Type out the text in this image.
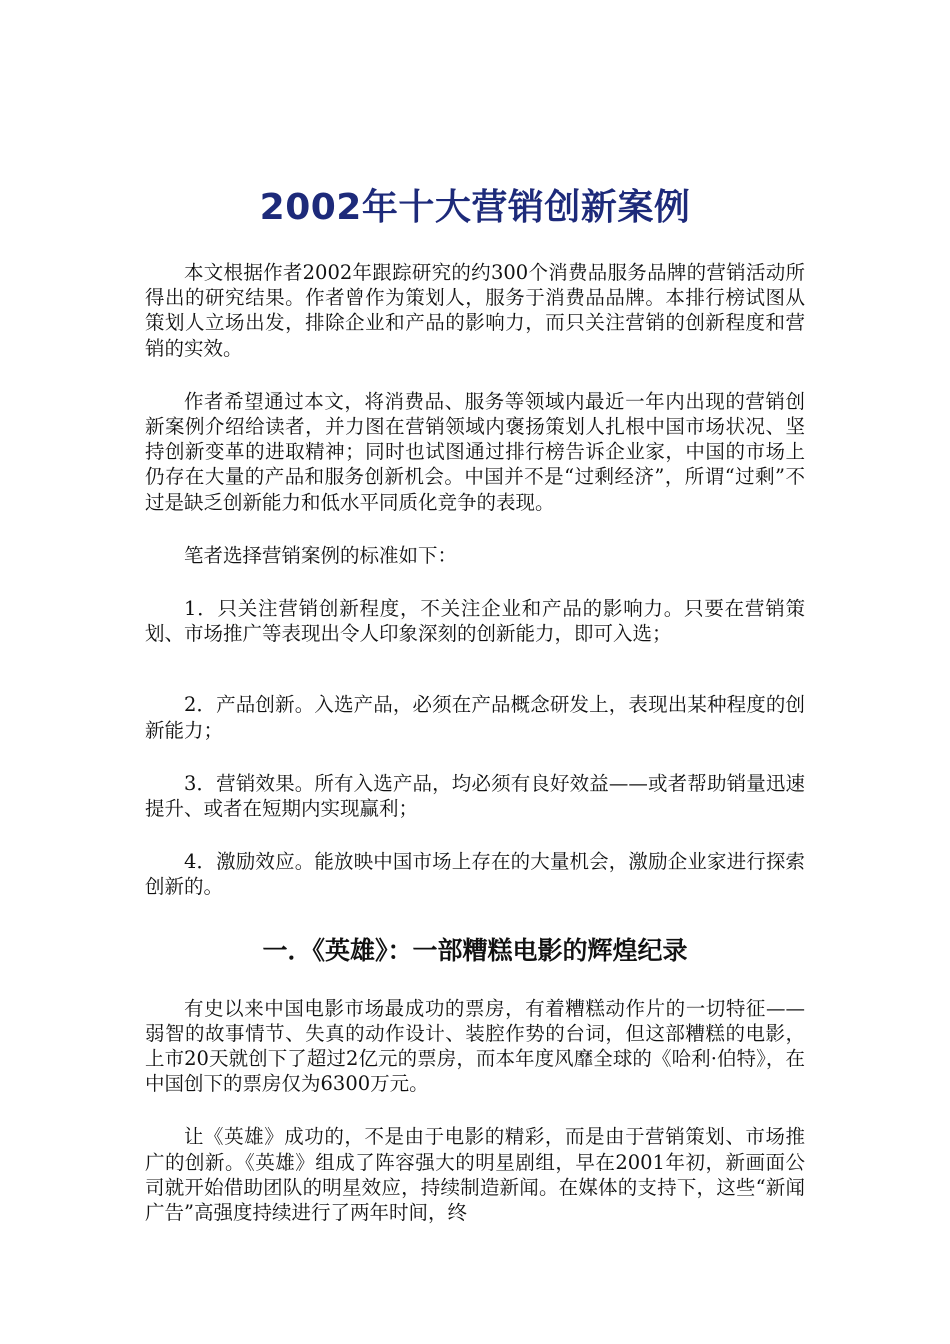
2002年十大营销创新案例

本文根据作者2002年跟踪研究的约300个消费品服务品牌的营销活动所得出的研究结果。作者曾作为策划人，服务于消费品品牌。本排行榜试图从策划人立场出发，排除企业和产品的影响力，而只关注营销的创新程度和营销的实效。

作者希望通过本文，将消费品、服务等领域内最近一年内出现的营销创新案例介绍给读者，并力图在营销领域内褒扬策划人扎根中国市场状况、坚持创新变革的进取精神；同时也试图通过排行榜告诉企业家，中国的市场上仍存在大量的产品和服务创新机会。中国并不是“过剩经济”，所谓“过剩”不过是缺乏创新能力和低水平同质化竞争的表现。

笔者选择营销案例的标准如下：

1．只关注营销创新程度，不关注企业和产品的影响力。只要在营销策划、市场推广等表现出令人印象深刻的创新能力，即可入选；

2．产品创新。入选产品，必须在产品概念研发上，表现出某种程度的创新能力；

3．营销效果。所有入选产品，均必须有良好效益——或者帮助销量迅速提升、或者在短期内实现赢利；

4．激励效应。能放映中国市场上存在的大量机会，激励企业家进行探索创新的。

一．《英雄》：一部糟糕电影的辉煌纪录

有史以来中国电影市场最成功的票房，有着糟糕动作片的一切特征——弱智的故事情节、失真的动作设计、装腔作势的台词，但这部糟糕的电影，上市20天就创下了超过2亿元的票房，而本年度风靡全球的《哈利·伯特》，在中国创下的票房仅为6300万元。

让《英雄》成功的，不是由于电影的精彩，而是由于营销策划、市场推广的创新。《英雄》组成了阵容强大的明星剧组，早在2001年初，新画面公司就开始借助团队的明星效应，持续制造新闻。在媒体的支持下，这些“新闻广告”高强度持续进行了两年时间，终
